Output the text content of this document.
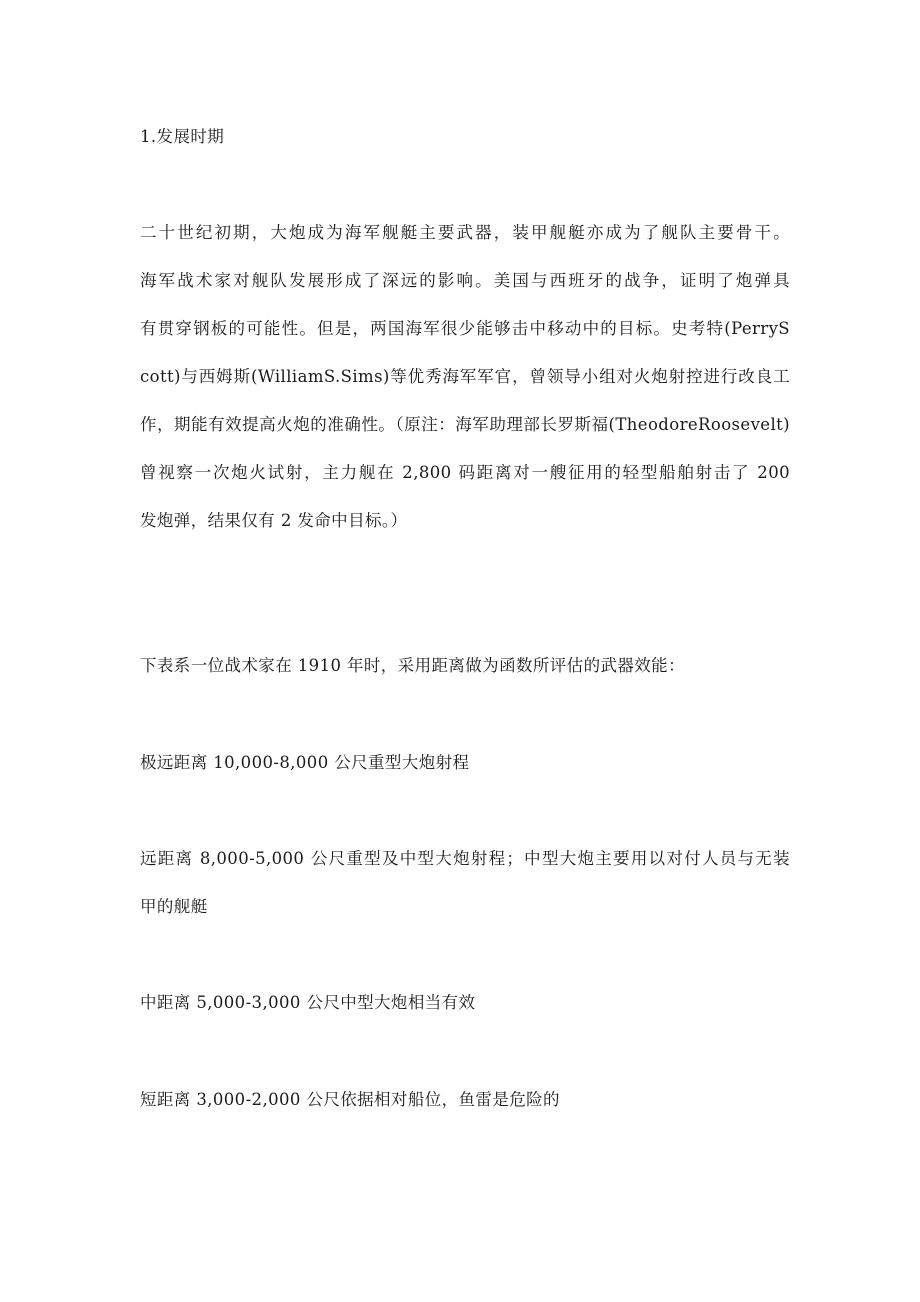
1.发展时期
二十世纪初期，大炮成为海军舰艇主要武器，装甲舰艇亦成为了舰队主要骨干。
海军战术家对舰队发展形成了深远的影响。美国与西班牙的战争，证明了炮弹具
有贯穿钢板的可能性。但是，两国海军很少能够击中移动中的目标。史考特(PerryS
cott)与西姆斯(WilliamS.Sims)等优秀海军军官，曾领导小组对火炮射控进行改良工
作，期能有效提高火炮的准确性。（原注：海军助理部长罗斯福(TheodoreRoosevelt)
曾视察一次炮火试射，主力舰在 2,800 码距离对一艘征用的轻型船舶射击了 200
发炮弹，结果仅有 2 发命中目标。）
下表系一位战术家在 1910 年时，采用距离做为函数所评估的武器效能：
极远距离 10,000-8,000 公尺重型大炮射程
远距离 8,000-5,000 公尺重型及中型大炮射程；中型大炮主要用以对付人员与无装
甲的舰艇
中距离 5,000-3,000 公尺中型大炮相当有效
短距离 3,000-2,000 公尺依据相对船位，鱼雷是危险的
